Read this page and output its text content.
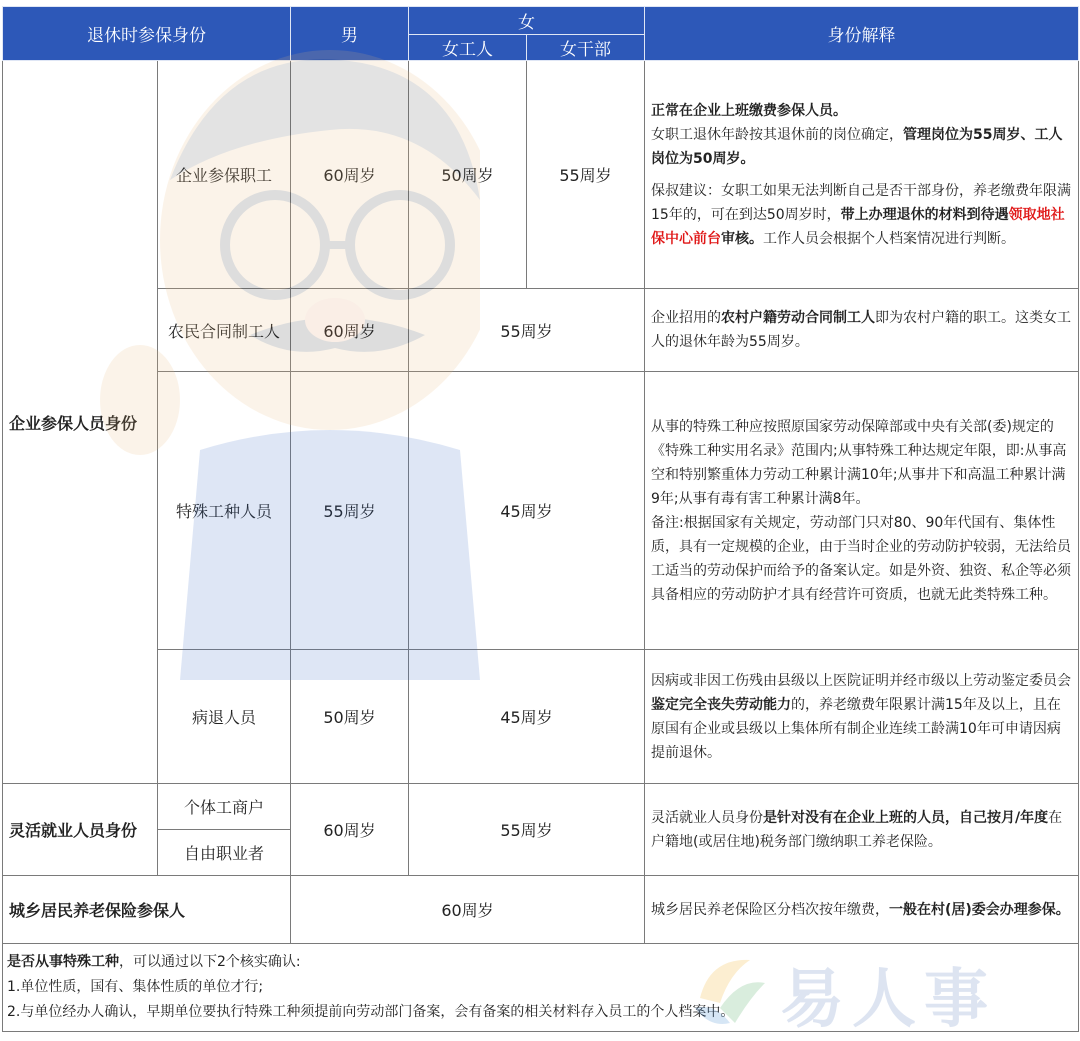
退休时参保身份		男	女		身份解释
			女工人	女干部	
企业参保人员身份	企业参保职工	60周岁	50周岁	55周岁	正常在企业上班缴费参保人员。
女职工退休年龄按其退休前的岗位确定，管理岗位为55周岁、工人岗位为50周岁。
保叔建议：女职工如果无法判断自己是否干部身份，养老缴费年限满15年的，可在到达50周岁时，带上办理退休的材料到待遇领取地社保中心前台审核。工作人员会根据个人档案情况进行判断。
	农民合同制工人	60周岁	55周岁		企业招用的农村户籍劳动合同制工人即为农村户籍的职工。这类女工人的退休年龄为55周岁。
	特殊工种人员	55周岁	45周岁		从事的特殊工种应按照原国家劳动保障部或中央有关部(委)规定的《特殊工种实用名录》范围内;从事特殊工种达规定年限，即:从事高空和特别繁重体力劳动工种累计满10年;从事井下和高温工种累计满9年;从事有毒有害工种累计满8年。
备注:根据国家有关规定，劳动部门只对80、90年代国有、集体性质，具有一定规模的企业，由于当时企业的劳动防护较弱，无法给员工适当的劳动保护而给予的备案认定。如是外资、独资、私企等必须具备相应的劳动防护才具有经营许可资质，也就无此类特殊工种。
	病退人员	50周岁	45周岁		因病或非因工伤残由县级以上医院证明并经市级以上劳动鉴定委员会鉴定完全丧失劳动能力的，养老缴费年限累计满15年及以上，且在原国有企业或县级以上集体所有制企业连续工龄满10年可申请因病提前退休。
灵活就业人员身份	个体工商户	60周岁	55周岁		灵活就业人员身份是针对没有在企业上班的人员，自己按月/年度在户籍地(或居住地)税务部门缴纳职工养老保险。
	自由职业者				
城乡居民养老保险参保人		60周岁			城乡居民养老保险区分档次按年缴费，一般在村(居)委会办理参保。
是否从事特殊工种，可以通过以下2个核实确认:
1.单位性质，国有、集体性质的单位才行;
2.与单位经办人确认，早期单位要执行特殊工种须提前向劳动部门备案，会有备案的相关材料存入员工的个人档案中。					易人事
